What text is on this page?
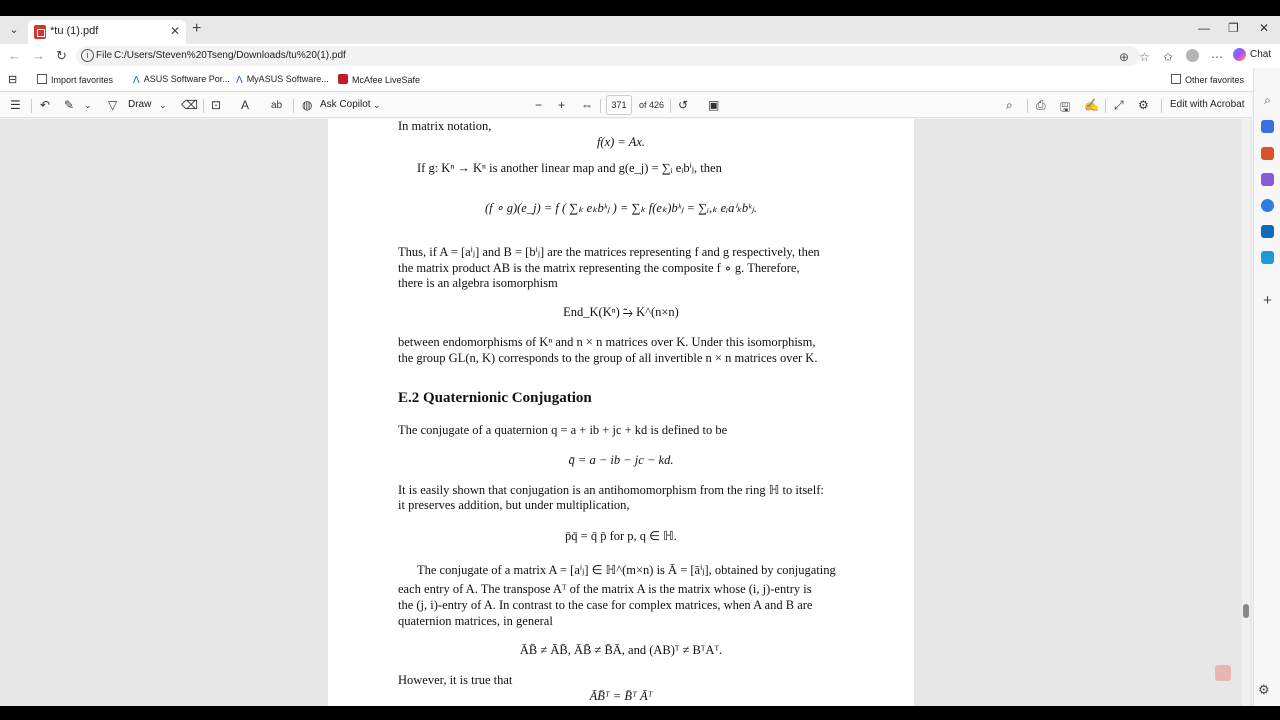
⌄	*tu (1).pdf	✕ +	— ❐ ✕
← → ↻	i File C:/Users/Steven%20Tseng/Downloads/tu%20(1).pdf	⊕ ☆ ✩	⋯	Chat
⊟	Import favorites Λ ASUS Software Por... Λ MyASUS Software...	McAfee LiveSafe	Other favorites
☰ ↶ ✎ ⌄ ▽ Draw ⌄ ⌫ ⊡ A ab ◍ Ask Copilot ⌄	− + ⇔	371	of 426 ↺ ▣	⌕ ⎙ 🖫 ✍ ⤢ ⚙ Edit with Acrobat ⌕
+
In matrix notation,
f(x) = Ax.
If g: Kⁿ → Kⁿ is another linear map and g(e_j) = ∑ᵢ eᵢbⁱⱼ, then
(f ∘ g)(e_j) = f ( ∑ₖ eₖbᵏⱼ ) = ∑ₖ f(eₖ)bᵏⱼ = ∑ᵢ,ₖ eᵢaⁱₖbᵏⱼ.
Thus, if A = [aⁱⱼ] and B = [bⁱⱼ] are the matrices representing f and g respectively, then
the matrix product AB is the matrix representing the composite f ∘ g. Therefore,
there is an algebra isomorphism
End_K(Kⁿ) ⥲ K^(n×n)
between endomorphisms of Kⁿ and n × n matrices over K. Under this isomorphism,
the group GL(n, K) corresponds to the group of all invertible n × n matrices over K.
E.2 Quaternionic Conjugation
The conjugate of a quaternion q = a + ib + jc + kd is defined to be
q̄ = a − ib − jc − kd.
It is easily shown that conjugation is an antihomomorphism from the ring ℍ to itself:
it preserves addition, but under multiplication,
p̄q̄ = q̄ p̄ for p, q ∈ ℍ.
The conjugate of a matrix A = [aⁱⱼ] ∈ ℍ^(m×n) is Ā = [āⁱⱼ], obtained by conjugating
each entry of A. The transpose Aᵀ of the matrix A is the matrix whose (i, j)-entry is
the (j, i)-entry of A. In contrast to the case for complex matrices, when A and B are
quaternion matrices, in general
ĀB̄ ≠ ĀB̄, ĀB̄ ≠ B̄Ā, and (AB)ᵀ ≠ BᵀAᵀ.
However, it is true that
ĀB̄ᵀ = B̄ᵀ Āᵀ	⚙
